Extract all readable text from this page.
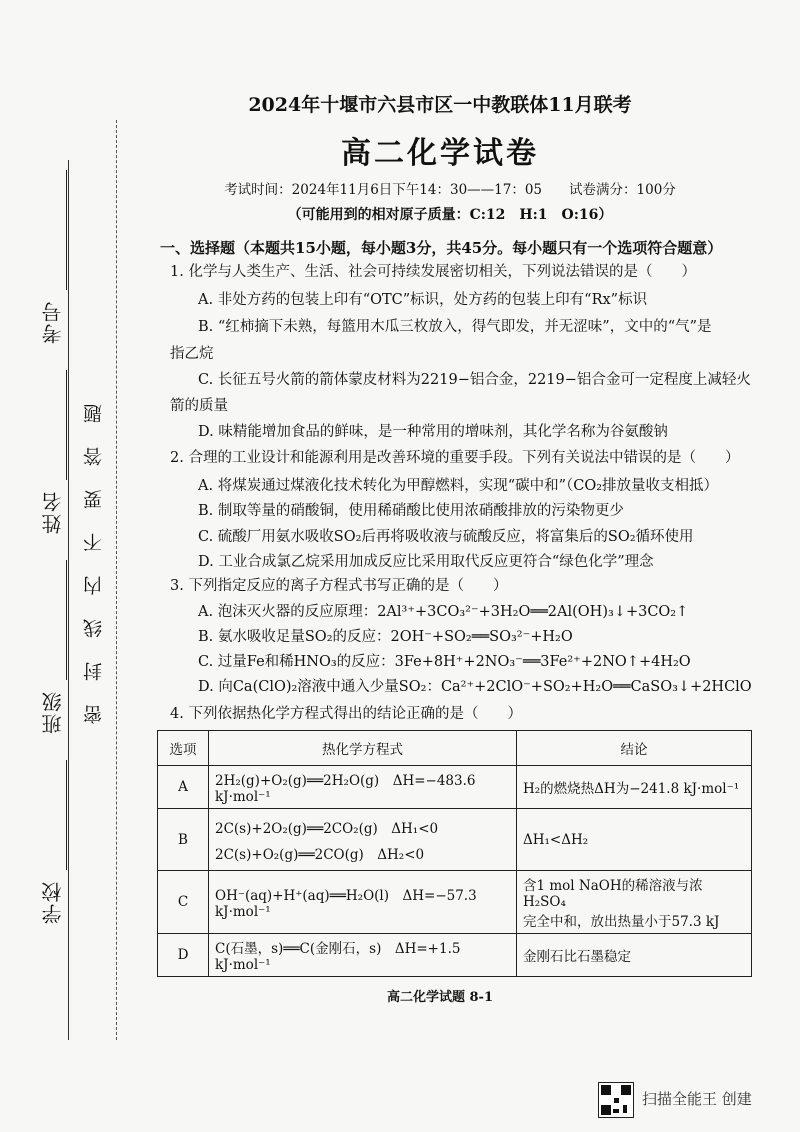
考号
姓名
班级
学校
密封线内不要答题
2024年十堰市六县市区一中教联体11月联考
高二化学试卷
考试时间：2024年11月6日下午14：30——17：05　　试卷满分：100分
（可能用到的相对原子质量：C:12　H:1　O:16）
一、选择题（本题共15小题，每小题3分，共45分。每小题只有一个选项符合题意）
1. 化学与人类生产、生活、社会可持续发展密切相关，下列说法错误的是（　　）
A. 非处方药的包装上印有“OTC”标识，处方药的包装上印有“Rx”标识
B. “红柿摘下未熟，每篮用木瓜三枚放入，得气即发，并无涩味”，文中的“气”是
指乙烷
C. 长征五号火箭的箭体蒙皮材料为2219−铝合金，2219−铝合金可一定程度上减轻火
箭的质量
D. 味精能增加食品的鲜味，是一种常用的增味剂，其化学名称为谷氨酸钠
2. 合理的工业设计和能源利用是改善环境的重要手段。下列有关说法中错误的是（　　）
A. 将煤炭通过煤液化技术转化为甲醇燃料，实现“碳中和”（CO₂排放量收支相抵）
B. 制取等量的硝酸铜，使用稀硝酸比使用浓硝酸排放的污染物更少
C. 硫酸厂用氨水吸收SO₂后再将吸收液与硫酸反应，将富集后的SO₂循环使用
D. 工业合成氯乙烷采用加成反应比采用取代反应更符合“绿色化学”理念
3. 下列指定反应的离子方程式书写正确的是（　　）
A. 泡沫灭火器的反应原理：2Al³⁺+3CO₃²⁻+3H₂O══2Al(OH)₃↓+3CO₂↑
B. 氨水吸收足量SO₂的反应：2OH⁻+SO₂══SO₃²⁻+H₂O
C. 过量Fe和稀HNO₃的反应：3Fe+8H⁺+2NO₃⁻══3Fe²⁺+2NO↑+4H₂O
D. 向Ca(ClO)₂溶液中通入少量SO₂：Ca²⁺+2ClO⁻+SO₂+H₂O══CaSO₃↓+2HClO
4. 下列依据热化学方程式得出的结论正确的是（　　）
选项	热化学方程式	结论
A	2H₂(g)+O₂(g)══2H₂O(g)　ΔH=−483.6 kJ·mol⁻¹	H₂的燃烧热ΔH为−241.8 kJ·mol⁻¹
B	2C(s)+2O₂(g)══2CO₂(g)　ΔH₁<0
2C(s)+O₂(g)══2CO(g)　ΔH₂<0	ΔH₁<ΔH₂
C	OH⁻(aq)+H⁺(aq)══H₂O(l)　ΔH=−57.3 kJ·mol⁻¹	含1 mol NaOH的稀溶液与浓H₂SO₄
完全中和，放出热量小于57.3 kJ

D	C(石墨，s)══C(金刚石，s)　ΔH=+1.5 kJ·mol⁻¹	金刚石比石墨稳定
高二化学试题 8-1
扫描全能王 创建
